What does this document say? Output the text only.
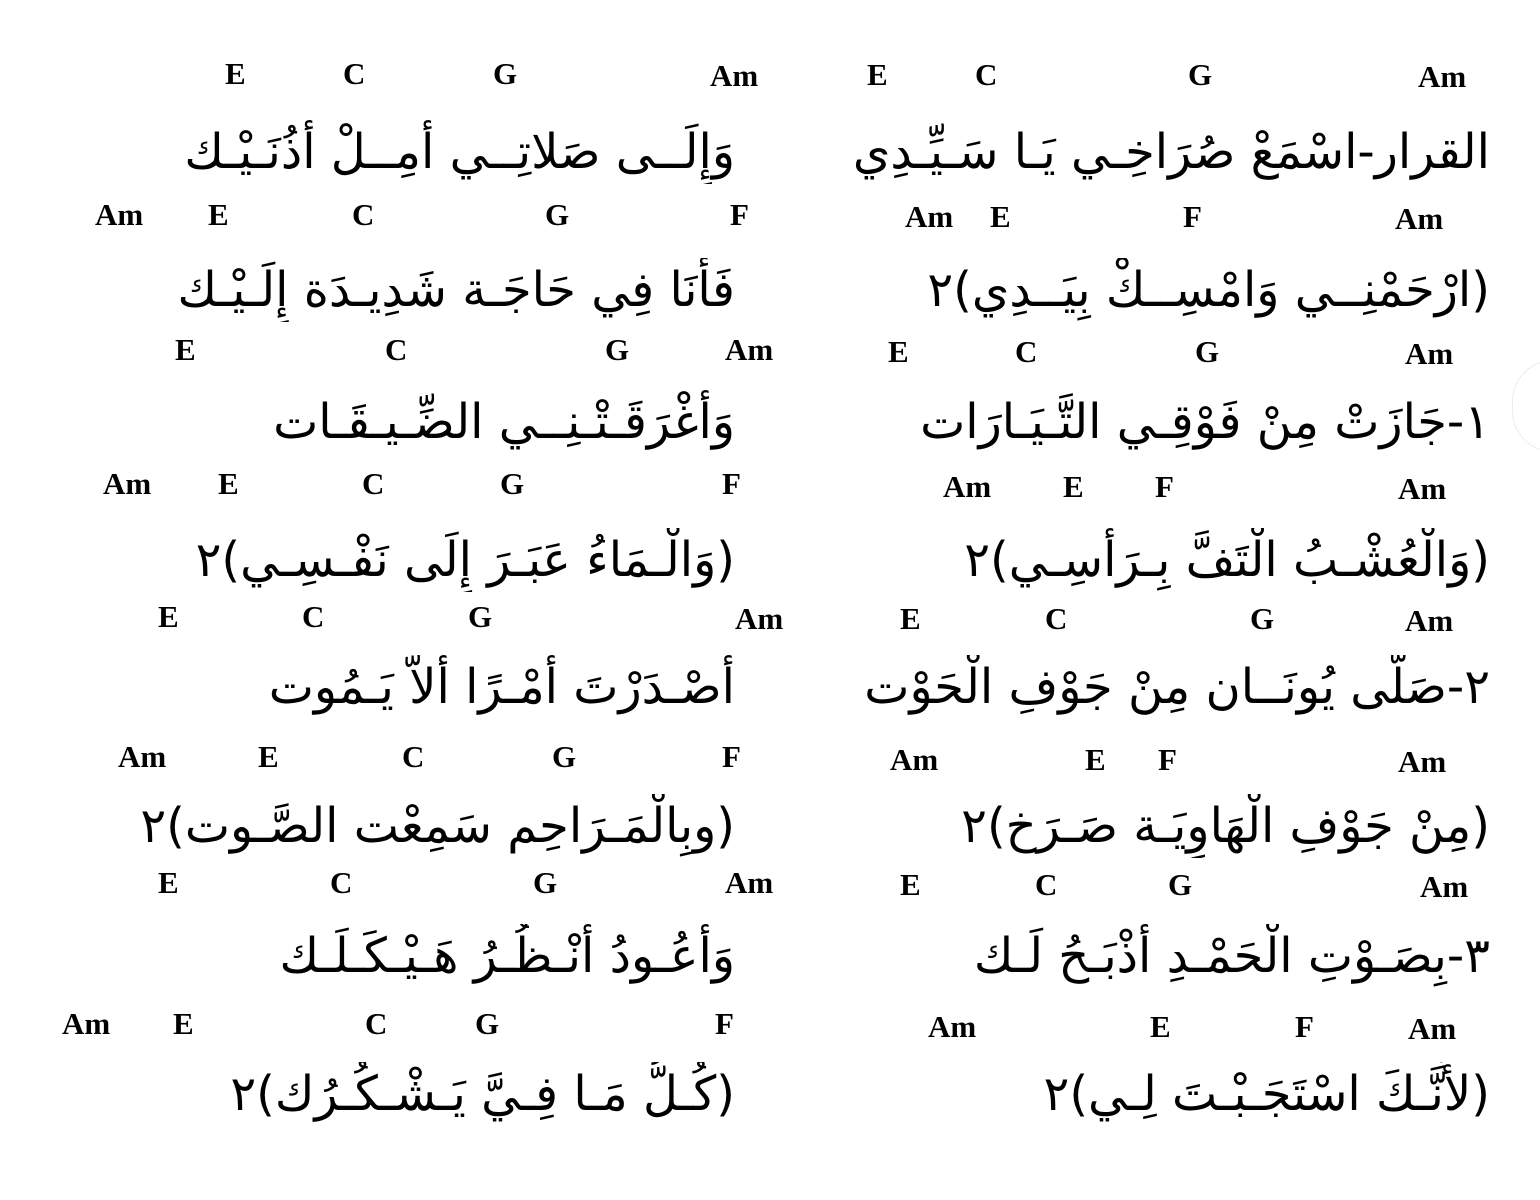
E	C	G	Am
E	C	G	Am
القرار-اسْمَعْ صُرَاخِـي يَـا سَـيِّـدِي
وَإِلَــى صَلاتِــي أَمِــلْ أُذُنَـيْـك
Am E	F	Am
Am E	C	G	F
(ارْحَمْنِــي وَامْسِــكْ بِيَــدِي)٢
فَأَنَا فِي حَاجَـة شَدِيـدَة إِلَـيْـك
E	C	G	Am
E	C	G	Am
١-جَازَتْ مِنْ فَوْقِـي التَّـيَـارَات
وَأَغْرَقَـتْـنِــي الضِّـيـقَـات
Am E F	Am
Am E	C	G	F
(وَالْعُشْـبُ الْتَفَّ بِـرَأْسِـي)٢
(وَالْـمَاءُ عَبَـرَ إِلَى نَفْـسِـي)٢
E	C	G	Am
E	C	G	Am
٢-صَلَّى يُونَــان مِنْ جَوْفِ الْحَوْت
أَصْـدَرْتَ أَمْـرًا أَلاَّ يَـمُوت
Am	E F	Am
Am	E	C	G	F
(مِنْ جَوْفِ الْهَاوِيَـة صَـرَخ)٢
(وبِالْمَـرَاحِم سَمِعْت الصَّـوت)٢
E	C	G	Am
E	C	G	Am
٣-بِصَـوْتِ الْحَمْـدِ أَذْبَـحُ لَـك
وَأَعُـودُ أَنْـظُـرُ هَـيْـكَـلَـك
Am	E	F	Am
Am E	C	G	F
(لأَنَّـكَ اسْتَجَـبْـتَ لِـي)٢
(كُـلُّ مَـا فِـيَّ يَـشْـكُـرُك)٢
